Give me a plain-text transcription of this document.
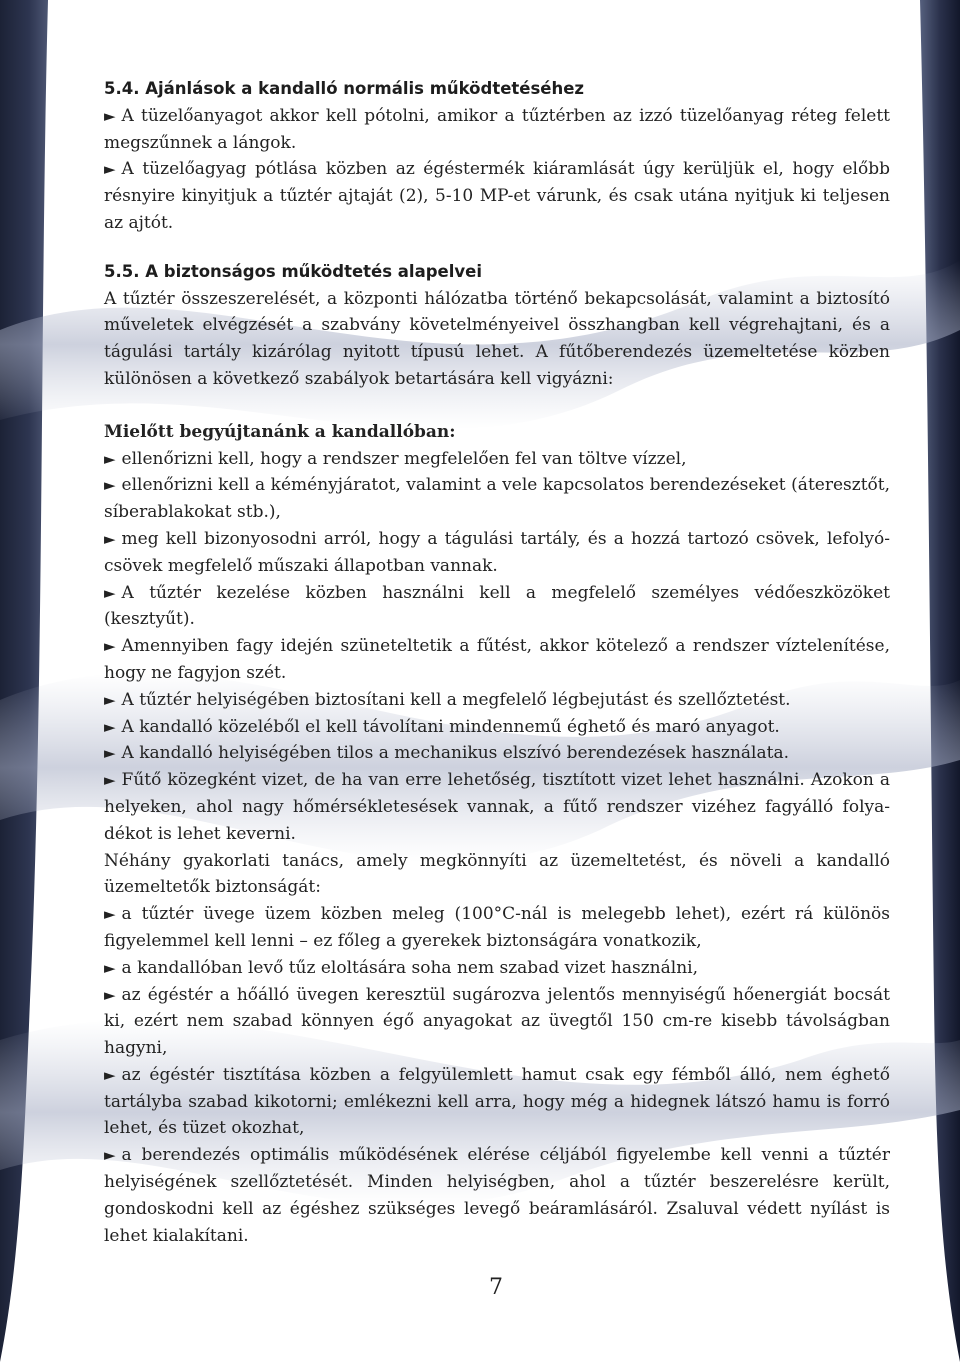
5.4. Ajánlások a kandalló normális működtetéséhez

► A tüzelőanyagot akkor kell pótolni, amikor a tűztérben az izzó tüzelőanyag réteg felett megszűnnek a lángok.

► A tüzelőagyag pótlása közben az égéstermék kiáramlását úgy kerüljük el, hogy előbb résnyire kinyitjuk a tűztér ajtaját (2), 5-10 MP-et várunk, és csak utána nyitjuk ki teljesen az ajtót.

5.5. A biztonságos működtetés alapelvei

A tűztér összeszerelését, a központi hálózatba történő bekapcsolását, valamint a biztosító műveletek elvégzését a szabvány követelményeivel összhangban kell végrehajtani, és a tágulási tartály kizárólag nyitott típusú lehet. A fűtőberendezés üzemeltetése közben különösen a következő szabályok betartására kell vigyázni:

Mielőtt begyújtanánk a kandallóban:

► ellenőrizni kell, hogy a rendszer megfelelően fel van töltve vízzel,

► ellenőrizni kell a kéményjáratot, valamint a vele kapcsolatos berendezéseket (áteresztőt, síberablakokat stb.),

► meg kell bizonyosodni arról, hogy a tágulási tartály, és a hozzá tartozó csövek, lefolyó-csövek megfelelő műszaki állapotban vannak.

► A tűztér kezelése közben használni kell a megfelelő személyes védőeszközöket (kesztyűt).

► Amennyiben fagy idején szüneteltetik a fűtést, akkor kötelező a rendszer víztelenítése, hogy ne fagyjon szét.

► A tűztér helyiségében biztosítani kell a megfelelő légbejutást és szellőztetést.

► A kandalló közeléből el kell távolítani mindennemű éghető és maró anyagot.

► A kandalló helyiségében tilos a mechanikus elszívó berendezések használata.

► Fűtő közegként vizet, de ha van erre lehetőség, tisztított vizet lehet használni. Azokon a helyeken, ahol nagy hőmérsékletesések vannak, a fűtő rendszer vizéhez fagyálló folya-dékot is lehet keverni.

Néhány gyakorlati tanács, amely megkönnyíti az üzemeltetést, és növeli a kandalló üzemeltetők biztonságát:

► a tűztér üvege üzem közben meleg (100°C-nál is melegebb lehet), ezért rá különös figyelemmel kell lenni – ez főleg a gyerekek biztonságára vonatkozik,

► a kandallóban levő tűz eloltására soha nem szabad vizet használni,

► az égéstér a hőálló üvegen keresztül sugározva jelentős mennyiségű hőenergiát bocsát ki, ezért nem szabad könnyen égő anyagokat az üvegtől 150 cm-re kisebb távolságban hagyni,

► az égéstér tisztítása közben a felgyülemlett hamut csak egy fémből álló, nem éghető tartályba szabad kikotorni; emlékezni kell arra, hogy még a hidegnek látszó hamu is forró lehet, és tüzet okozhat,

► a berendezés optimális működésének elérése céljából figyelembe kell venni a tűztér helyiségének szellőztetését. Minden helyiségben, ahol a tűztér beszerelésre került, gondoskodni kell az égéshez szükséges levegő beáramlásáról. Zsaluval védett nyílást is lehet kialakítani.

7
